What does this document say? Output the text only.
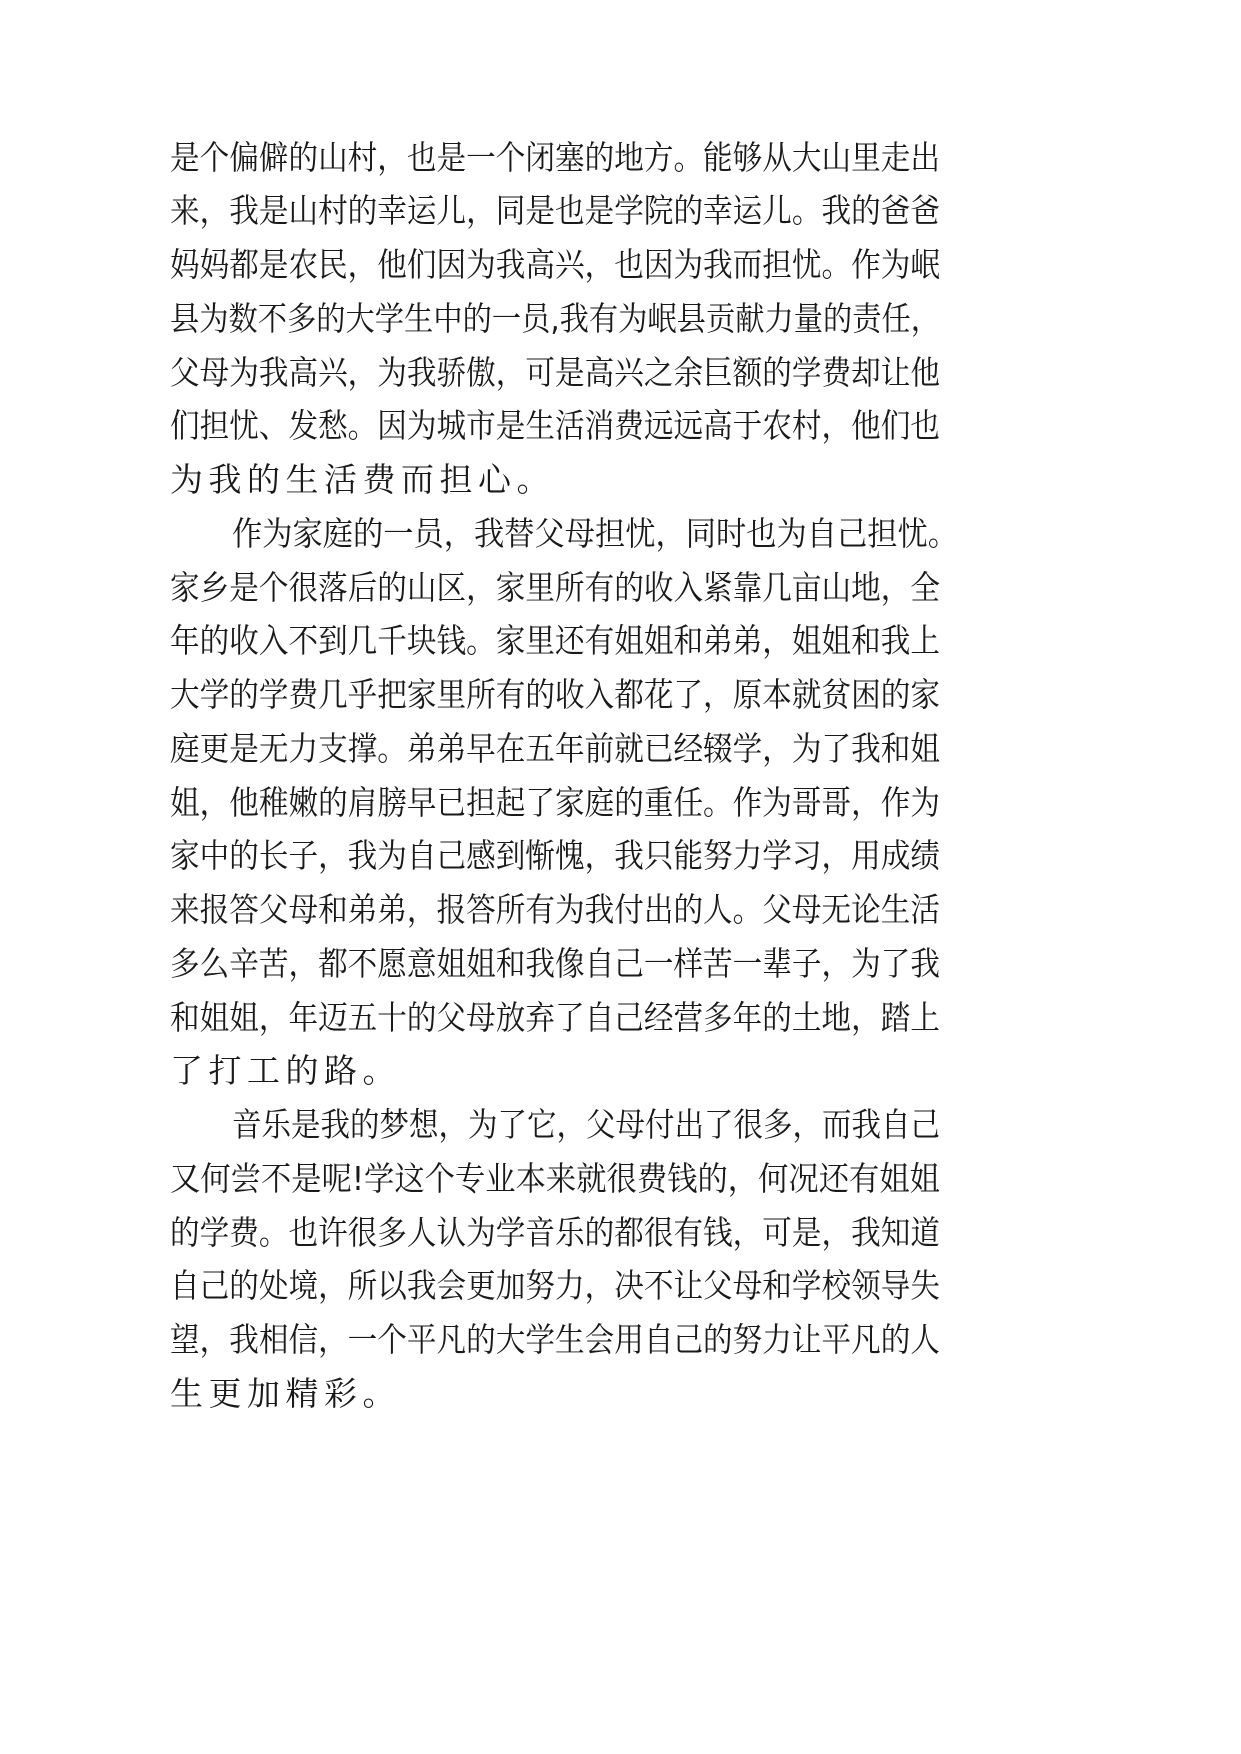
是个偏僻的山村，也是一个闭塞的地方。能够从大山里走出
来，我是山村的幸运儿，同是也是学院的幸运儿。我的爸爸
妈妈都是农民，他们因为我高兴，也因为我而担忧。作为岷
县为数不多的大学生中的一员,我有为岷县贡献力量的责任，
父母为我高兴，为我骄傲，可是高兴之余巨额的学费却让他
们担忧、发愁。因为城市是生活消费远远高于农村，他们也
为我的生活费而担心。
作为家庭的一员，我替父母担忧，同时也为自己担忧。
家乡是个很落后的山区，家里所有的收入紧靠几亩山地，全
年的收入不到几千块钱。家里还有姐姐和弟弟，姐姐和我上
大学的学费几乎把家里所有的收入都花了，原本就贫困的家
庭更是无力支撑。弟弟早在五年前就已经辍学，为了我和姐
姐，他稚嫩的肩膀早已担起了家庭的重任。作为哥哥，作为
家中的长子，我为自己感到惭愧，我只能努力学习，用成绩
来报答父母和弟弟，报答所有为我付出的人。父母无论生活
多么辛苦，都不愿意姐姐和我像自己一样苦一辈子，为了我
和姐姐，年迈五十的父母放弃了自己经营多年的土地，踏上
了打工的路。
音乐是我的梦想，为了它，父母付出了很多，而我自己
又何尝不是呢!学这个专业本来就很费钱的，何况还有姐姐
的学费。也许很多人认为学音乐的都很有钱，可是，我知道
自己的处境，所以我会更加努力，决不让父母和学校领导失
望，我相信，一个平凡的大学生会用自己的努力让平凡的人
生更加精彩。
